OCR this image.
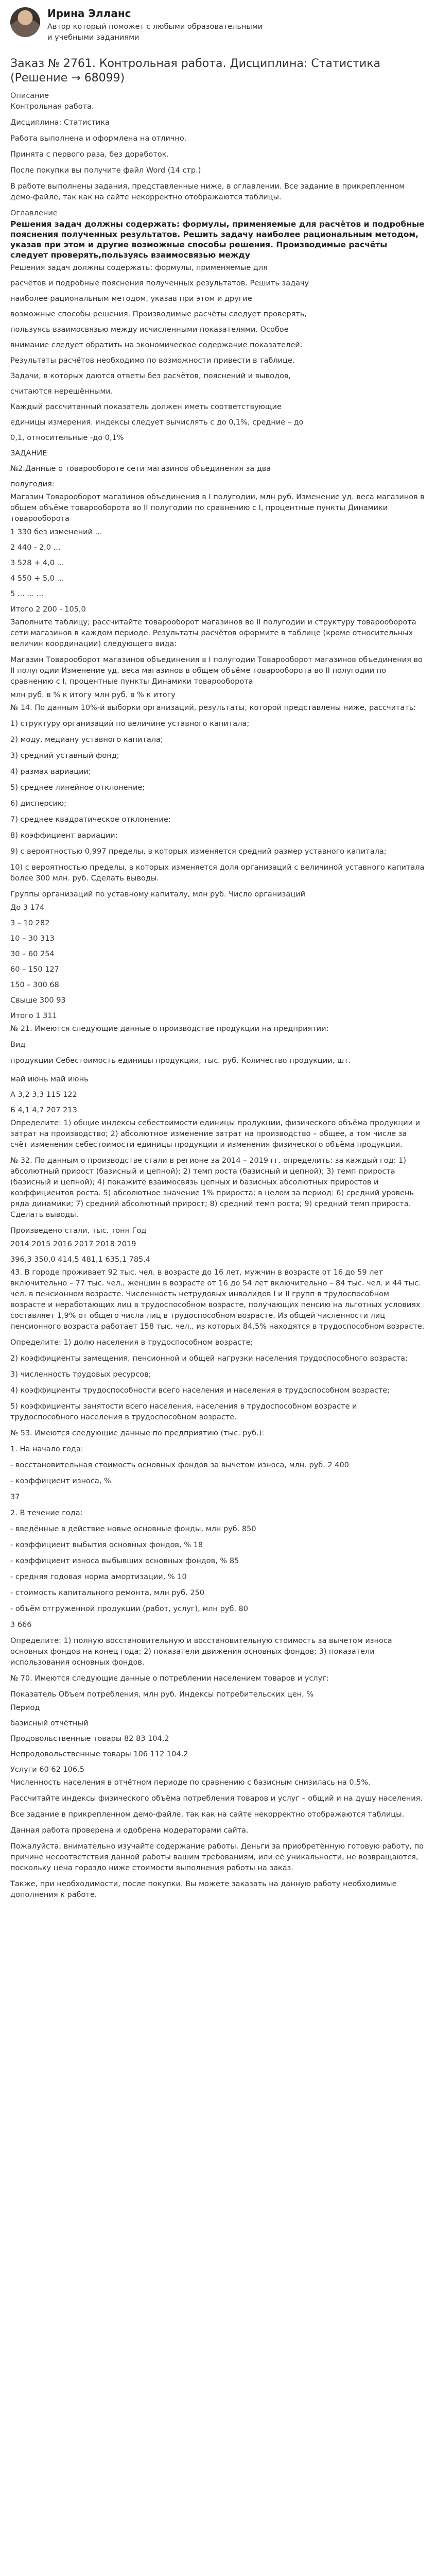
Ирина Элланс
Автор который поможет с любыми образовательными и учебными заданиями
Заказ № 2761. Контрольная работа. Дисциплина: Статистика (Решение → 68099)

Описание

Контрольная работа.

Дисциплина: Статистика

Работа выполнена и оформлена на отлично.

Принята с первого раза, без доработок.

После покупки вы получите файл Word (14 стр.)

В работе выполнены задания, представленные ниже, в оглавлении. Все задание в прикрепленном демо-файле, так как на сайте некорректно отображаются таблицы.

Оглавление

Решения задач должны содержать: формулы, применяемые для расчётов и подробные пояснения полученных результатов. Решить задачу наиболее рациональным методом, указав при этом и другие возможные способы решения. Производимые расчёты следует проверять,пользуясь взаимосвязью между

Решения задач должны содержать: формулы, применяемые для

расчётов и подробные пояснения полученных результатов. Решить задачу

наиболее рациональным методом, указав при этом и другие

возможные способы решения. Производимые расчёты следует проверять,

пользуясь взаимосвязью между исчисленными показателями. Особое

внимание следует обратить на экономическое содержание показателей.

Результаты расчётов необходимо по возможности привести в таблице.

Задачи, в которых даются ответы без расчётов, пояснений и выводов,

считаются нерешёнными.

Каждый рассчитанный показатель должен иметь соответствующие

единицы измерения. индексы следует вычислять с до 0,1%, средние – до

0,1, относительные -до 0,1%

ЗАДАНИЕ

№2.Данные о товарообороте сети магазинов объединения за два

полугодия:

Магазин Товарооборот магазинов объединения в I полугодии, млн руб. Изменение уд. веса магазинов в общем объёме товарооборота во II полугодии по сравнению с I, процентные пункты Динамики товарооборота

1 330 без изменений ...

2 440 - 2,0 ...

3 528 + 4,0 ...

4 550 + 5,0 ...

5 ... ... ...

Итого 2 200 - 105,0

Заполните таблицу; рассчитайте товарооборот магазинов во II полугодии и структуру товарооборота сети магазинов в каждом периоде. Результаты расчётов оформите в таблице (кроме относительных величин координации) следующего вида:

Магазин Товарооборот магазинов объединения в I полугодии Товарооборот магазинов объединения во II полугодии Изменение уд. веса магазинов в общем объёме товарооборота во II полугодии по сравнению с I, процентные пункты Динамики товарооборота

млн руб. в % к итогу млн руб. в % к итогу

№ 14. По данным 10%-й выборки организаций, результаты, которой представлены ниже, рассчитать:

1) структуру организаций по величине уставного капитала;

2) моду, медиану уставного капитала;

3) средний уставный фонд;

4) размах вариации;

5) среднее линейное отклонение;

6) дисперсию;

7) среднее квадратическое отклонение;

8) коэффициент вариации;

9) с вероятностью 0,997 пределы, в которых изменяется средний размер уставного капитала;

10) с вероятностью пределы, в которых изменяется доля организаций с величиной уставного капитала более 300 млн. руб. Сделать выводы.

Группы организаций по уставному капиталу, млн руб. Число организаций

До 3 174

3 – 10 282

10 – 30 313

30 – 60 254

60 – 150 127

150 – 300 68

Свыше 300 93

Итого 1 311

№ 21. Имеются следующие данные о производстве продукции на предприятии:

Вид

продукции Себестоимость единицы продукции, тыс. руб. Количество продукции, шт.

май июнь май июнь

А 3,2 3,3 115 122

Б 4,1 4,7 207 213

Определите: 1) общие индексы себестоимости единицы продукции, физического объёма продукции и затрат на производство; 2) абсолютное изменение затрат на производство – общее, а том числе за счёт изменения себестоимости единицы продукции и изменения физического объёма продукции.

№ 32. По данным о производстве стали в регионе за 2014 – 2019 гг. определить: за каждый год: 1) абсолютный прирост (базисный и цепной); 2) темп роста (базисный и цепной); 3) темп прироста (базисный и цепной); 4) покажите взаимосвязь цепных и базисных абсолютных приростов и коэффициентов роста. 5) абсолютное значение 1% прироста; в целом за период: 6) средний уровень ряда динамики; 7) средний абсолютный прирост; 8) средний темп роста; 9) средний темп прироста. Сделать выводы.

Произведено стали, тыс. тонн Год

2014 2015 2016 2017 2018 2019

396,3 350,0 414,5 481,1 635,1 785,4

43. В городе проживает 92 тыс. чел. в возрасте до 16 лет, мужчин в возрасте от 16 до 59 лет включительно – 77 тыс. чел., женщин в возрасте от 16 до 54 лет включительно – 84 тыс. чел. и 44 тыс. чел. в пенсионном возрасте. Численность нетрудовых инвалидов I и II групп в трудоспособном возрасте и неработающих лиц в трудоспособном возрасте, получающих пенсию на льготных условиях составляет 1,9% от общего числа лиц в трудоспособном возрасте. Из общей численности лиц пенсионного возраста работает 158 тыс. чел., из которых 84,5% находятся в трудоспособном возрасте.

Определите: 1) долю населения в трудоспособном возрасте;

2) коэффициенты замещения, пенсионной и общей нагрузки населения трудоспособного возраста;

3) численность трудовых ресурсов;

4) коэффициенты трудоспособности всего населения и населения в трудоспособном возрасте;

5) коэффициенты занятости всего населения, населения в трудоспособном возрасте и трудоспособного населения в трудоспособном возрасте.

№ 53. Имеются следующие данные по предприятию (тыс. руб.):

1. На начало года:

- восстановительная стоимость основных фондов за вычетом износа, млн. руб. 2 400

- коэффициент износа, %

37

2. В течение года:

- введённые в действие новые основные фонды, млн руб. 850

- коэффициент выбытия основных фондов, % 18

- коэффициент износа выбывших основных фондов, % 85

- средняя годовая норма амортизации, % 10

- стоимость капитального ремонта, млн руб. 250

- объём отгруженной продукции (работ, услуг), млн руб. 80

3 666

Определите: 1) полную восстановительную и восстановительную стоимость за вычетом износа основных фондов на конец года; 2) показатели движения основных фондов; 3) показатели использования основных фондов.

№ 70. Имеются следующие данные о потреблении населением товаров и услуг:

Показатель Объем потребления, млн руб. Индексы потребительских цен, %

Период

базисный отчётный

Продовольственные товары 82 83 104,2

Непродовольственные товары 106 112 104,2

Услуги 60 62 106,5

Численность населения в отчётном периоде по сравнению с базисным снизилась на 0,5%.

Рассчитайте индексы физического объёма потребления товаров и услуг – общий и на душу населения.

Все задание в прикрепленном демо-файле, так как на сайте некорректно отображаются таблицы.

Данная работа проверена и одобрена модераторами сайта.

Пожалуйста, внимательно изучайте содержание работы. Деньги за приобретённую готовую работу, по причине несоответствия данной работы вашим требованиям, или её уникальности, не возвращаются, поскольку цена гораздо ниже стоимости выполнения работы на заказ.

Также, при необходимости, после покупки. Вы можете заказать на данную работу необходимые дополнения к работе.
